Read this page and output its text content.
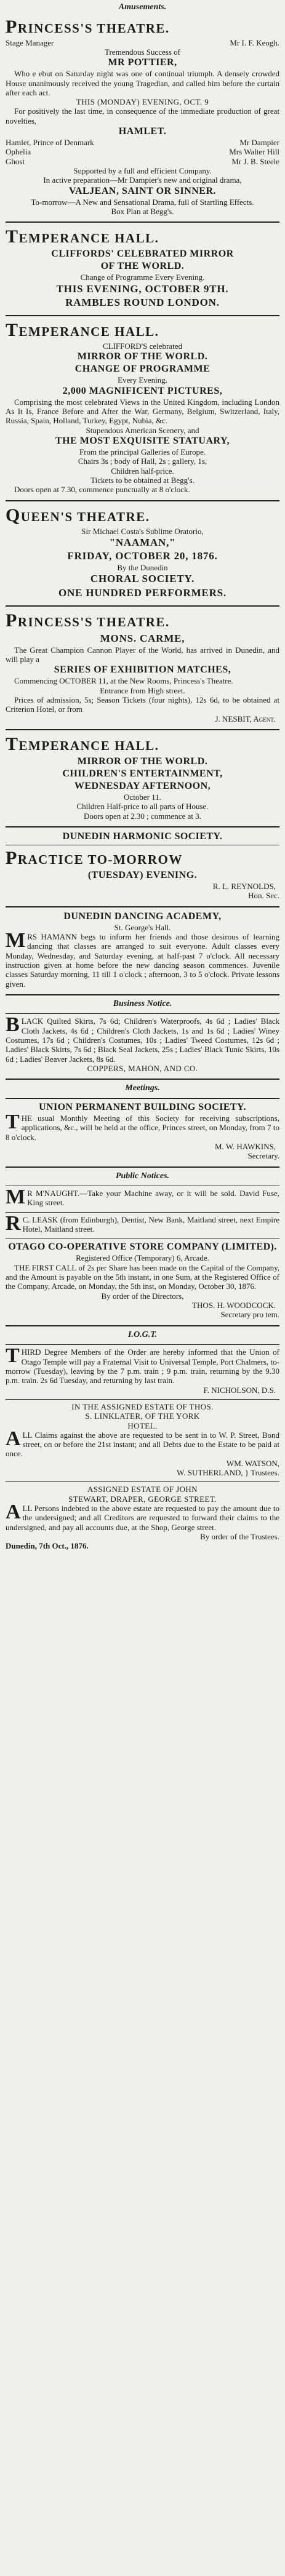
Amusements.
PRINCESS'S THEATRE.
Stage Manager	Mr I. F. Keogh.
Tremendous Success of
MR POTTIER,

Who e ebut on Saturday night was one of continual triumph. A densely crowded House unanimously received the young Tragedian, and called him before the curtain after each act.

THIS (MONDAY) EVENING, OCT. 9

For positively the last time, in consequence of the immediate production of great novelties,

HAMLET.
Hamlet, Prince of Denmark	Mr Dampier
Ophelia	Mrs Walter Hill
Ghost	Mr J. B. Steele

Supported by a full and efficient Company.

In active preparation—Mr Dampier's new and original drama,

VALJEAN, SAINT OR SINNER.

To-morrow—A New and Sensational Drama, full of Startling Effects.

Box Plan at Begg's.

TEMPERANCE HALL.
CLIFFORDS' CELEBRATED MIRROR
OF THE WORLD.

Change of Programme Every Evening.

THIS EVENING, OCTOBER 9TH.
RAMBLES ROUND LONDON.
TEMPERANCE HALL.
CLIFFORD'S celebrated
MIRROR OF THE WORLD.
CHANGE OF PROGRAMME
Every Evening.
2,000 MAGNIFICENT PICTURES,

Comprising the most celebrated Views in the United Kingdom, including London As It Is, France Before and After the War, Germany, Belgium, Switzerland, Italy, Russia, Spain, Holland, Turkey, Egypt, Nubia, &c.

Stupendous American Scenery, and

THE MOST EXQUISITE STATUARY,

From the principal Galleries of Europe.

Chairs 3s ; body of Hall, 2s ; gallery, 1s,

Children half-price.

Tickets to be obtained at Begg's.

Doors open at 7.30, commence punctually at 8 o'clock.

QUEEN'S THEATRE.

Sir Michael Costa's Sublime Oratorio,

"NAAMAN,"
FRIDAY, OCTOBER 20, 1876.

By the Dunedin

CHORAL SOCIETY.
ONE HUNDRED PERFORMERS.
PRINCESS'S THEATRE.
MONS. CARME,

The Great Champion Cannon Player of the World, has arrived in Dunedin, and will play a

SERIES OF EXHIBITION MATCHES,

Commencing OCTOBER 11, at the New Rooms, Princess's Theatre.

Entrance from High street.

Prices of admission, 5s; Season Tickets (four nights), 12s 6d, to be obtained at Criterion Hotel, or from

J. NESBIT, Agent.
TEMPERANCE HALL.
MIRROR OF THE WORLD.
CHILDREN'S ENTERTAINMENT,
WEDNESDAY AFTERNOON,

October 11.

Children Half-price to all parts of House.

Doors open at 2.30 ; commence at 3.

DUNEDIN HARMONIC SOCIETY.
PRACTICE TO-MORROW
(TUESDAY) EVENING.
R. L. REYNOLDS,
Hon. Sec.
DUNEDIN DANCING ACADEMY,

St. George's Hall.

MRS HAMANN begs to inform her friends and those desirous of learning dancing that classes are arranged to suit everyone. Adult classes every Monday, Wednesday, and Saturday evening, at half-past 7 o'clock. All necessary instruction given at home before the new dancing season commences. Juvenile classes Saturday morning, 11 till 1 o'clock ; afternoon, 3 to 5 o'clock. Private lessons given.

Business Notice.

BLACK Quilted Skirts, 7s 6d; Children's Waterproofs, 4s 6d ; Ladies' Black Cloth Jackets, 4s 6d ; Children's Cloth Jackets, 1s and 1s 6d ; Ladies' Winey Costumes, 17s 6d ; Children's Costumes, 10s ; Ladies' Tweed Costumes, 12s 6d ; Ladies' Black Skirts, 7s 6d ; Black Seal Jackets, 25s ; Ladies' Black Tunic Skirts, 10s 6d ; Ladies' Beaver Jackets, 8s 6d.

COPPERS, MAHON, AND CO.
Meetings.
UNION PERMANENT BUILDING SOCIETY.

THE usual Monthly Meeting of this Society for receiving subscriptions, applications, &c., will be held at the office, Princes street, on Monday, from 7 to 8 o'clock.

M. W. HAWKINS,
Secretary.
Public Notices.

M R M'NAUGHT.—Take your Machine away, or it will be sold. David Fuse, King street.

R C. LEASK (from Edinburgh), Dentist, New Bank, Maitland street, next Empire Hotel, Maitland street.

OTAGO CO-OPERATIVE STORE COMPANY (LIMITED).

Registered Office (Temporary) 6, Arcade.

THE FIRST CALL of 2s per Share has been made on the Capital of the Company, and the Amount is payable on the 5th instant, in one Sum, at the Registered Office of the Company, Arcade, on Monday, the 5th inst, on Monday, October 30, 1876.

By order of the Directors,

THOS. H. WOODCOCK.
Secretary pro tem.
I.O.G.T.

THIRD Degree Members of the Order are hereby informed that the Union of Otago Temple will pay a Fraternal Visit to Universal Temple, Port Chalmers, to-morrow (Tuesday), leaving by the 7 p.m. train ; 9 p.m. train, returning by the 9.30 p.m. train. 2s 6d Tuesday, and returning by last train.

F. NICHOLSON, D.S.
IN THE ASSIGNED ESTATE OF THOS.
S. LINKLATER, OF THE YORK
HOTEL.

ALL Claims against the above are requested to be sent in to W. P. Street, Bond street, on or before the 21st instant; and all Debts due to the Estate to be paid at once.

WM. WATSON,
W. SUTHERLAND, } Trustees.
ASSIGNED ESTATE OF JOHN
STEWART, DRAPER, GEORGE STREET.

ALL Persons indebted to the above estate are requested to pay the amount due to the undersigned; and all Creditors are requested to forward their claims to the undersigned, and pay all accounts due, at the Shop, George street.

By order of the Trustees.
Dunedin, 7th Oct., 1876.
